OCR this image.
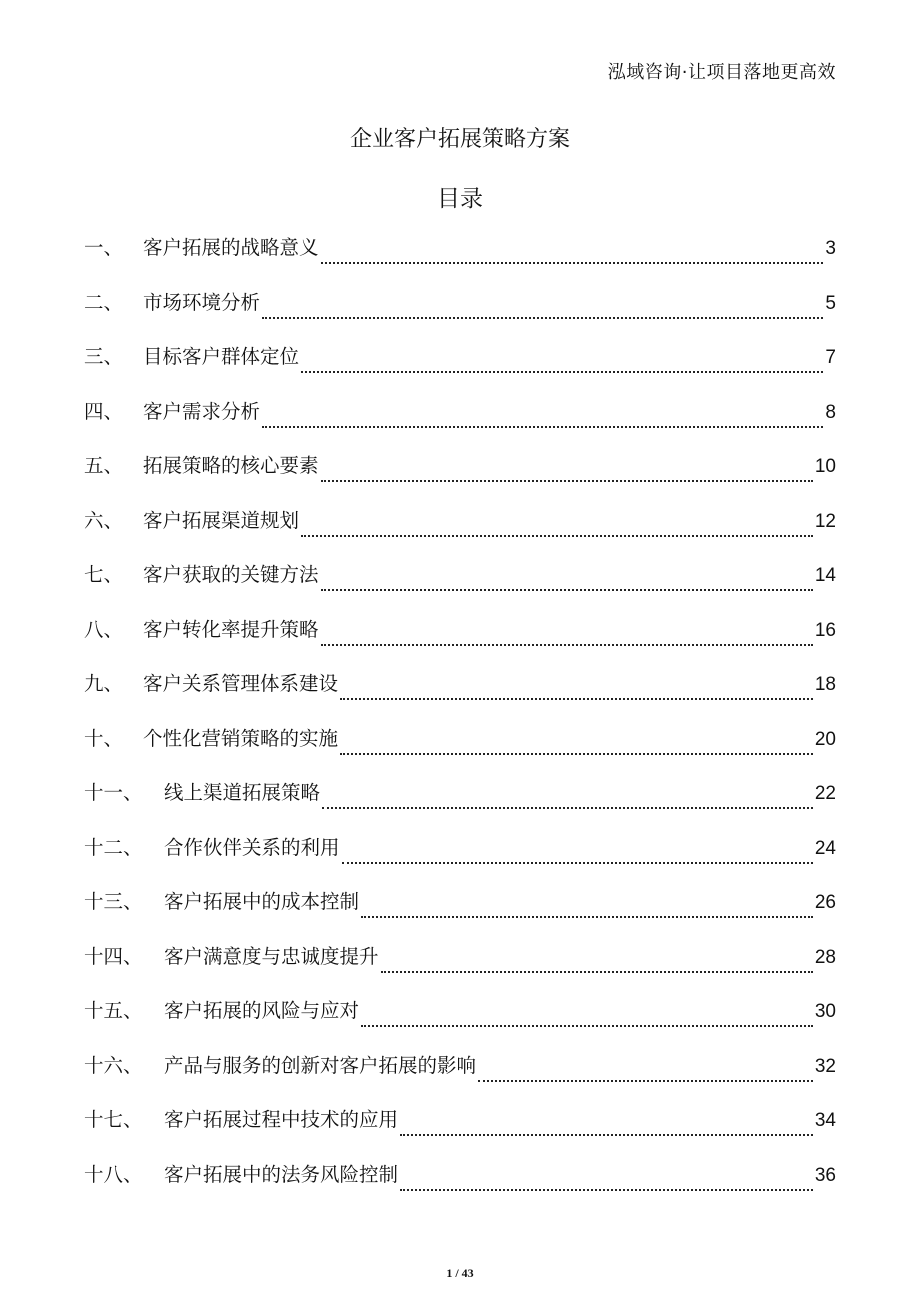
泓域咨询·让项目落地更高效
企业客户拓展策略方案
目录
一、	客户拓展的战略意义	3
二、	市场环境分析	5
三、	目标客户群体定位	7
四、	客户需求分析	8
五、	拓展策略的核心要素	10
六、	客户拓展渠道规划	12
七、	客户获取的关键方法	14
八、	客户转化率提升策略	16
九、	客户关系管理体系建设	18
十、	个性化营销策略的实施	20
十一、	线上渠道拓展策略	22
十二、	合作伙伴关系的利用	24
十三、	客户拓展中的成本控制	26
十四、	客户满意度与忠诚度提升	28
十五、	客户拓展的风险与应对	30
十六、	产品与服务的创新对客户拓展的影响	32
十七、	客户拓展过程中技术的应用	34
十八、	客户拓展中的法务风险控制	36
1 / 43
